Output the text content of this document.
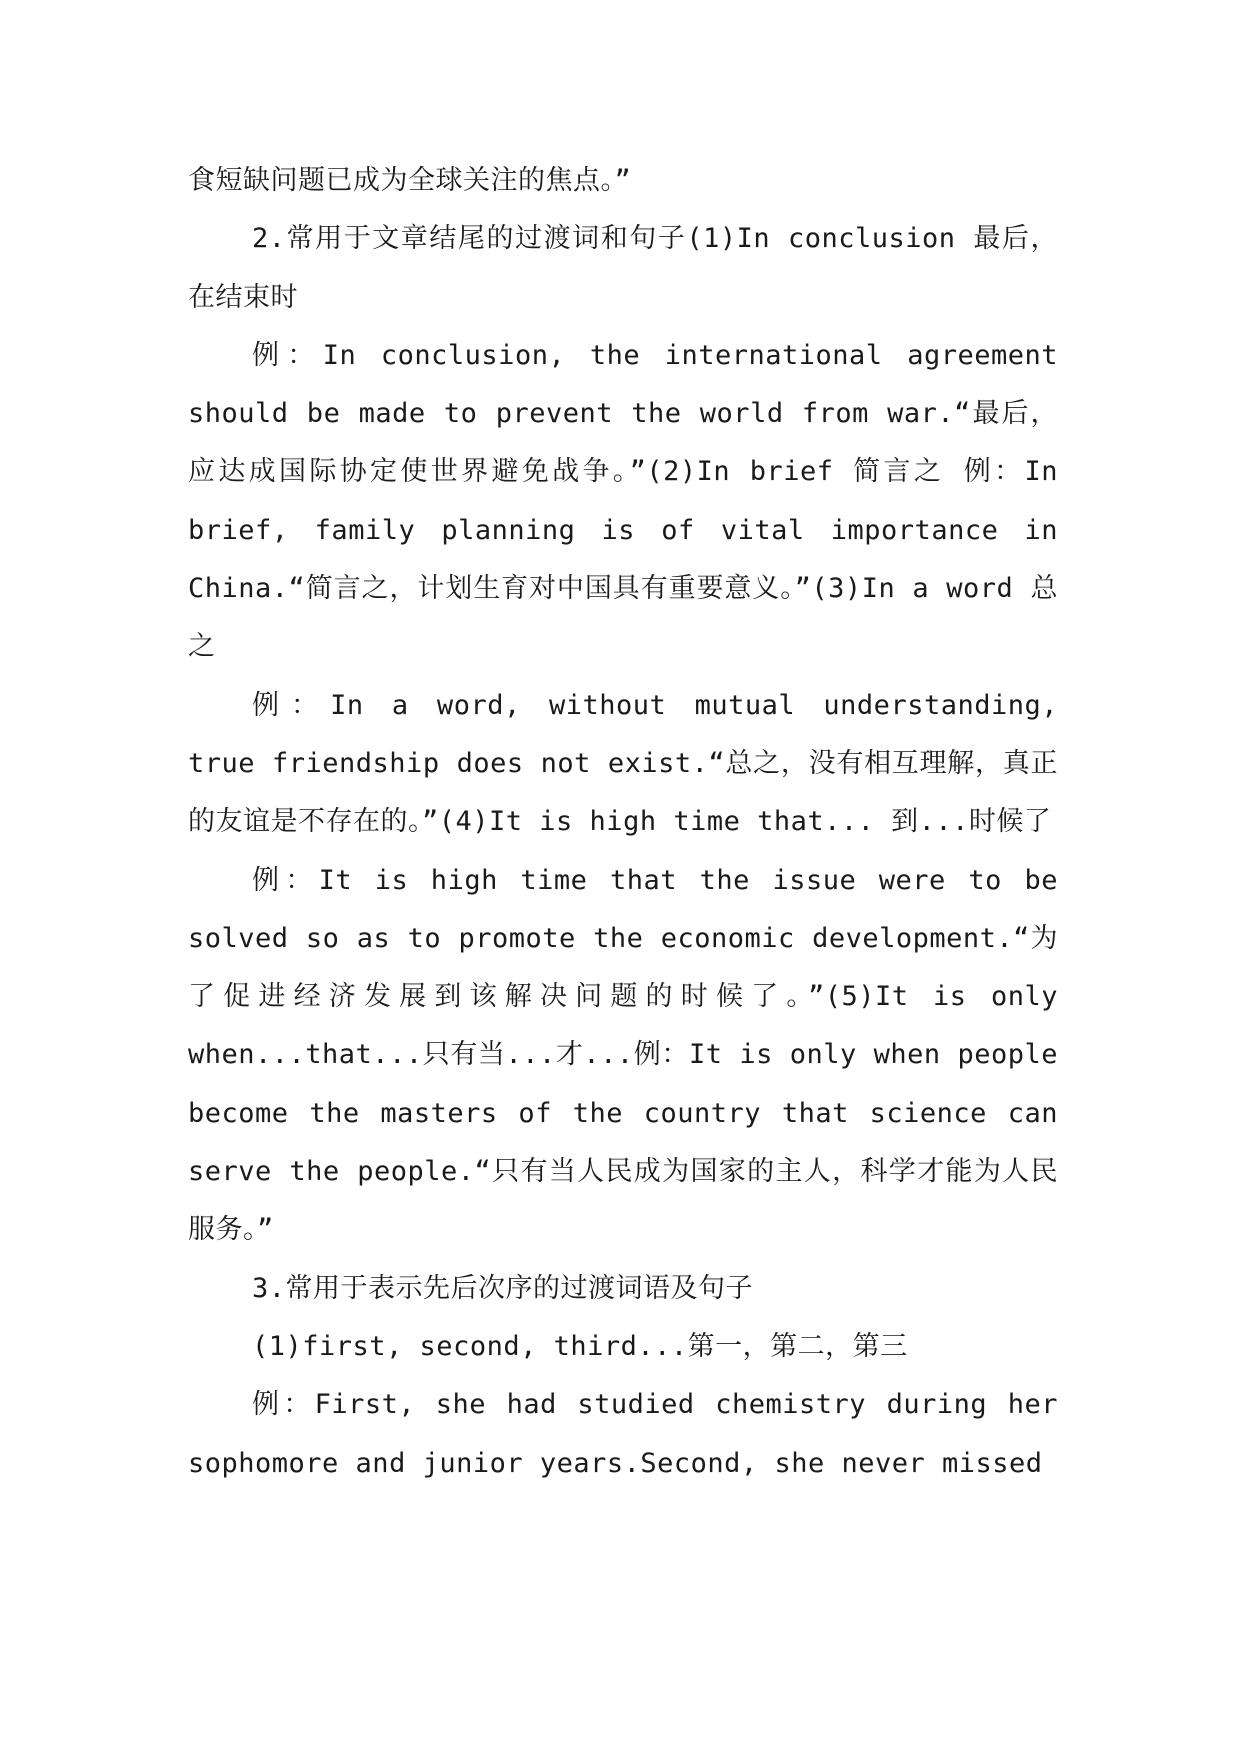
食短缺问题已成为全球关注的焦点。”

2.常用于文章结尾的过渡词和句子(1)In conclusion 最后，在结束时

例：In conclusion, the international agreement should be made to prevent the world from war.“最后，应达成国际协定使世界避免战争。”(2)In brief 简言之 例：In brief, family planning is of vital importance in China.“简言之，计划生育对中国具有重要意义。”(3)In a word 总之

例：In a word, without mutual understanding, true friendship does not exist.“总之，没有相互理解，真正的友谊是不存在的。”(4)It is high time that... 到...时候了

例：It is high time that the issue were to be solved so as to promote the economic development.“为了促进经济发展到该解决问题的时候了。”(5)It is only when...that...只有当...才...例：It is only when people become the masters of the country that science can serve the people.“只有当人民成为国家的主人，科学才能为人民服务。”

3.常用于表示先后次序的过渡词语及句子

(1)first, second, third...第一，第二，第三

例：First, she had studied chemistry during her sophomore and junior years.Second, she never missed
